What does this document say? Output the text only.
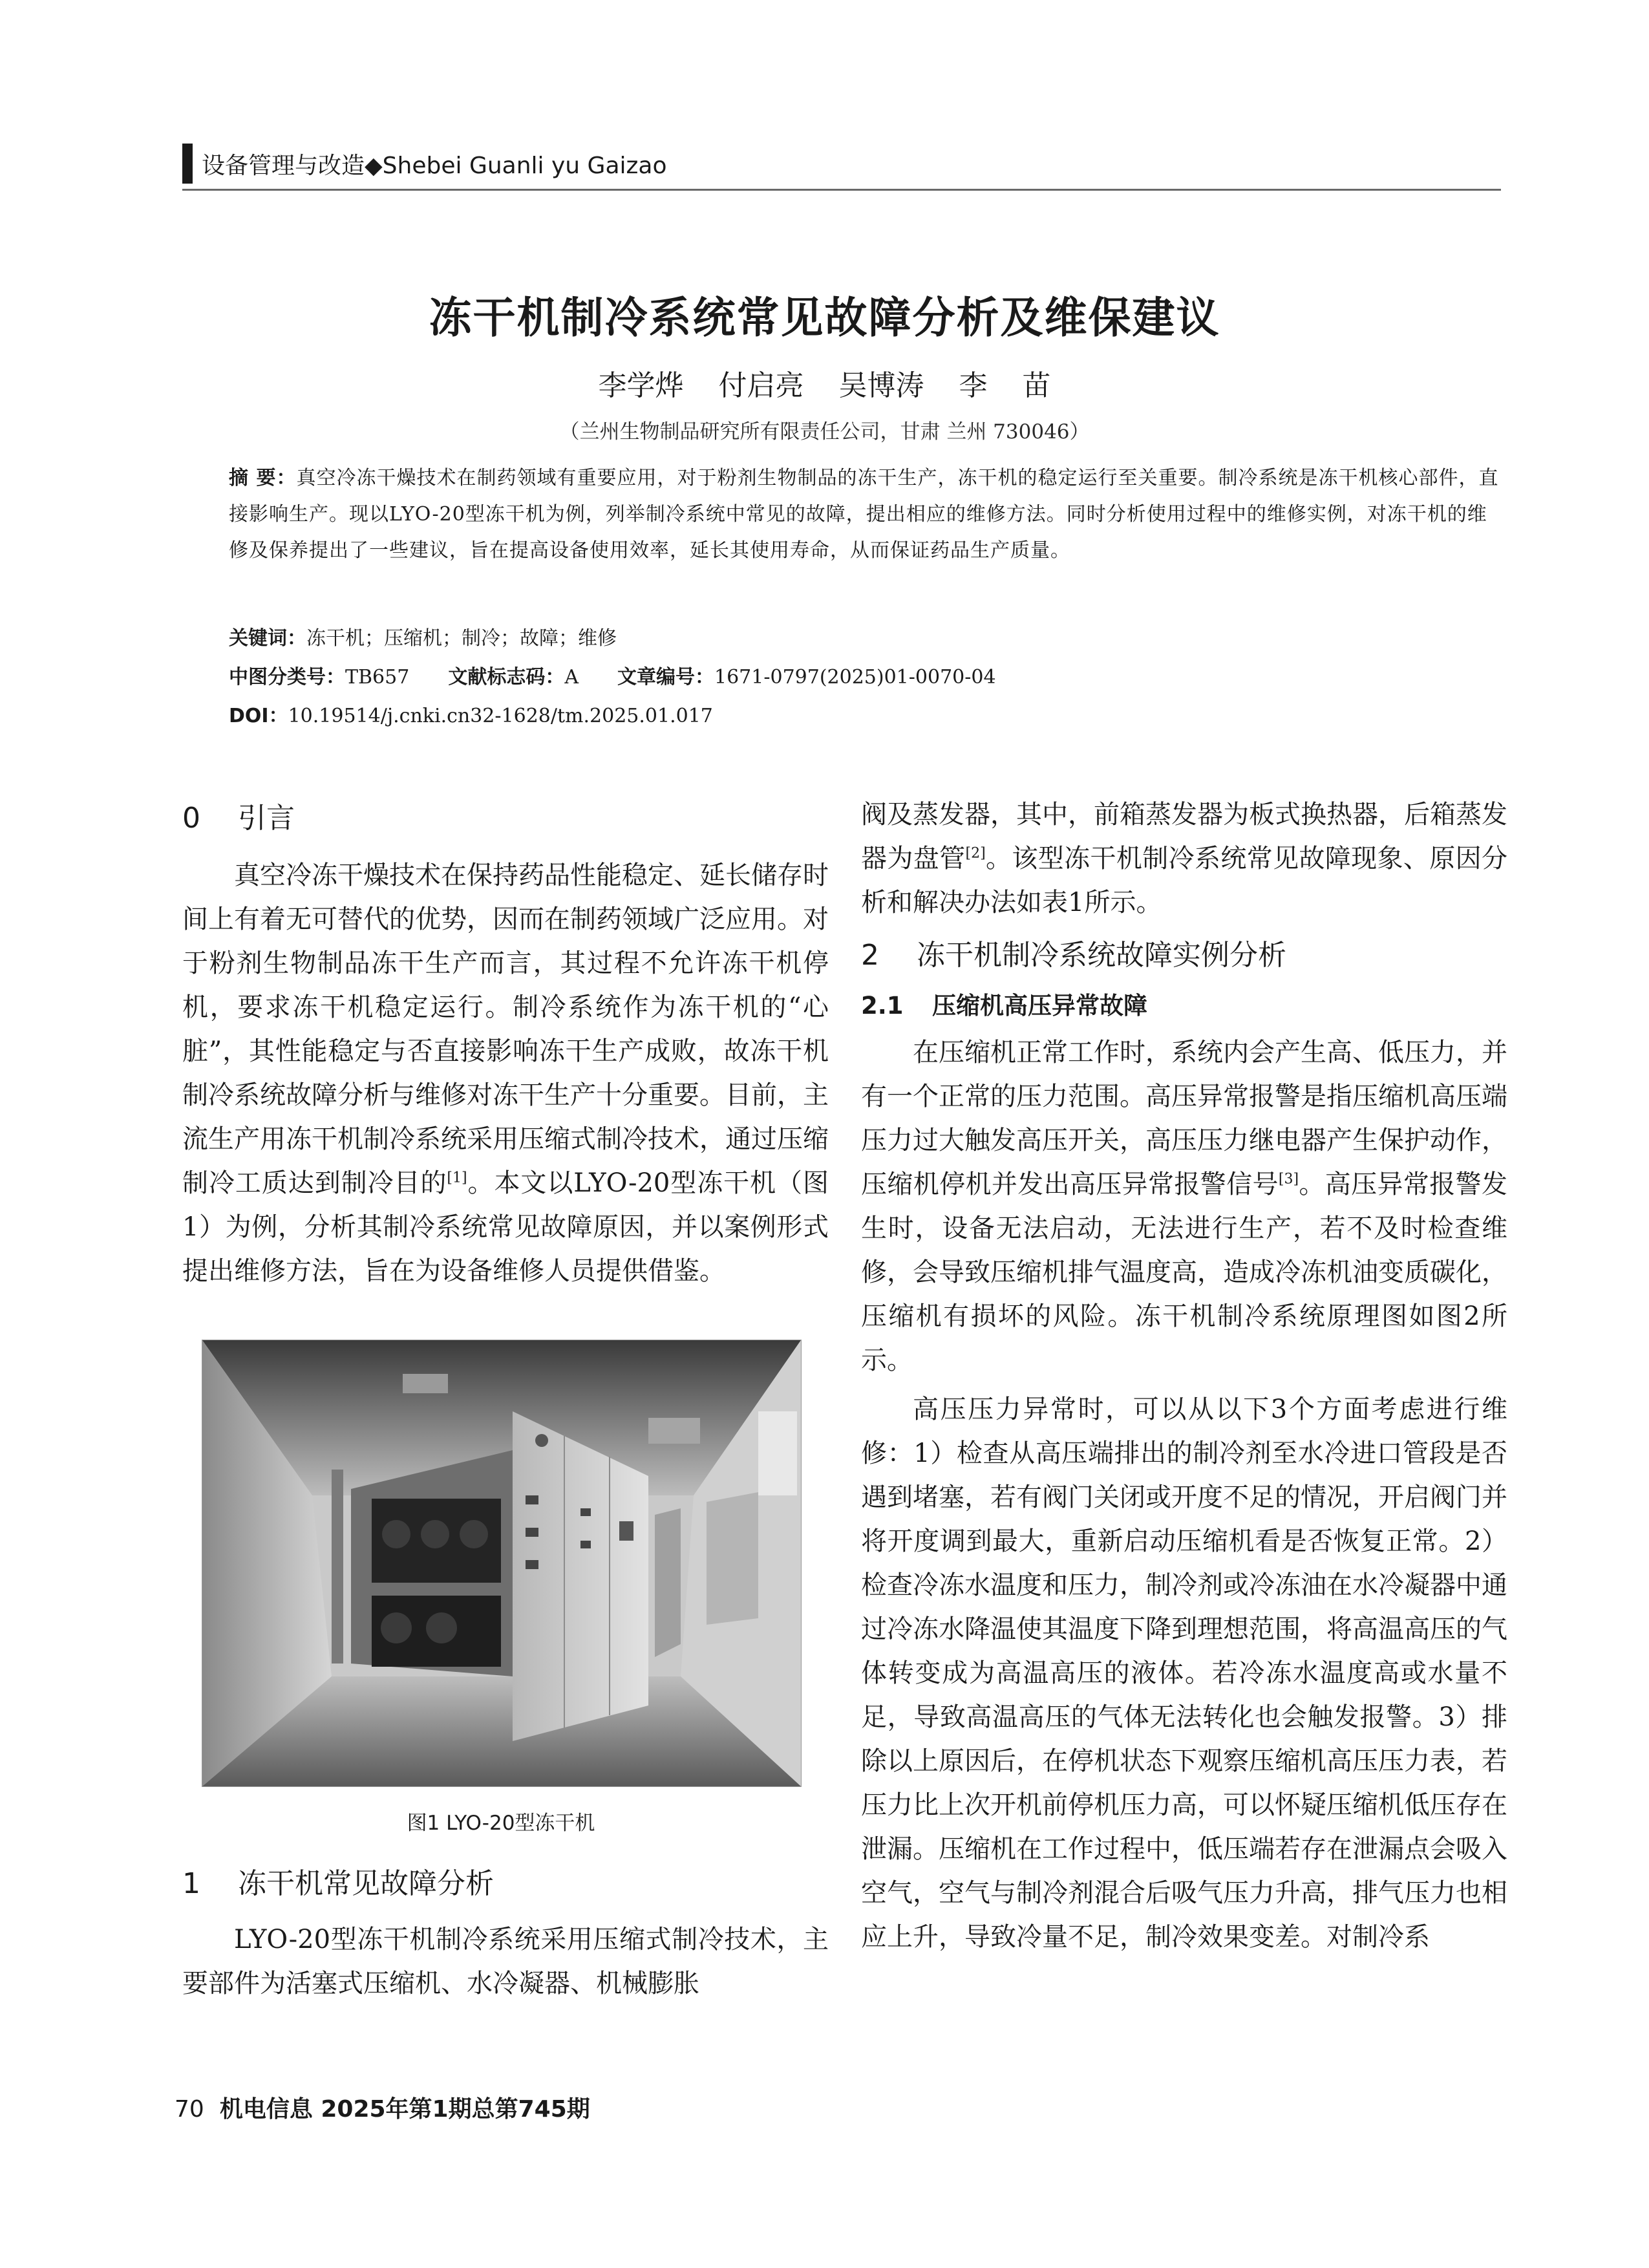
设备管理与改造◆Shebei Guanli yu Gaizao
冻干机制冷系统常见故障分析及维保建议
李学烨 付启亮 吴博涛 李 苗
（兰州生物制品研究所有限责任公司，甘肃 兰州 730046）
摘 要：真空冷冻干燥技术在制药领域有重要应用，对于粉剂生物制品的冻干生产，冻干机的稳定运行至关重要。制冷系统是冻干机核心部件，直接影响生产。现以LYO-20型冻干机为例，列举制冷系统中常见的故障，提出相应的维修方法。同时分析使用过程中的维修实例，对冻干机的维修及保养提出了一些建议，旨在提高设备使用效率，延长其使用寿命，从而保证药品生产质量。
关键词：冻干机；压缩机；制冷；故障；维修
中图分类号：TB657 文献标志码：A 文章编号：1671-0797(2025)01-0070-04
DOI：10.19514/j.cnki.cn32-1628/tm.2025.01.017

0 引言

真空冷冻干燥技术在保持药品性能稳定、延长储存时间上有着无可替代的优势，因而在制药领域广泛应用。对于粉剂生物制品冻干生产而言，其过程不允许冻干机停机，要求冻干机稳定运行。制冷系统作为冻干机的“心脏”，其性能稳定与否直接影响冻干生产成败，故冻干机制冷系统故障分析与维修对冻干生产十分重要。目前，主流生产用冻干机制冷系统采用压缩式制冷技术，通过压缩制冷工质达到制冷目的[1]。本文以LYO-20型冻干机（图1）为例，分析其制冷系统常见故障原因，并以案例形式提出维修方法，旨在为设备维修人员提供借鉴。

图1 LYO-20型冻干机

1 冻干机常见故障分析

LYO-20型冻干机制冷系统采用压缩式制冷技术，主要部件为活塞式压缩机、水冷凝器、机械膨胀

阀及蒸发器，其中，前箱蒸发器为板式换热器，后箱蒸发器为盘管[2]。该型冻干机制冷系统常见故障现象、原因分析和解决办法如表1所示。

2 冻干机制冷系统故障实例分析

2.1 压缩机高压异常故障

在压缩机正常工作时，系统内会产生高、低压力，并有一个正常的压力范围。高压异常报警是指压缩机高压端压力过大触发高压开关，高压压力继电器产生保护动作，压缩机停机并发出高压异常报警信号[3]。高压异常报警发生时，设备无法启动，无法进行生产，若不及时检查维修，会导致压缩机排气温度高，造成冷冻机油变质碳化，压缩机有损坏的风险。冻干机制冷系统原理图如图2所示。

高压压力异常时，可以从以下3个方面考虑进行维修：1）检查从高压端排出的制冷剂至水冷进口管段是否遇到堵塞，若有阀门关闭或开度不足的情况，开启阀门并将开度调到最大，重新启动压缩机看是否恢复正常。2）检查冷冻水温度和压力，制冷剂或冷冻油在水冷凝器中通过冷冻水降温使其温度下降到理想范围，将高温高压的气体转变成为高温高压的液体。若冷冻水温度高或水量不足，导致高温高压的气体无法转化也会触发报警。3）排除以上原因后，在停机状态下观察压缩机高压压力表，若压力比上次开机前停机压力高，可以怀疑压缩机低压存在泄漏。压缩机在工作过程中，低压端若存在泄漏点会吸入空气，空气与制冷剂混合后吸气压力升高，排气压力也相应上升，导致冷量不足，制冷效果变差。对制冷系

70 机电信息 2025年第1期总第745期
